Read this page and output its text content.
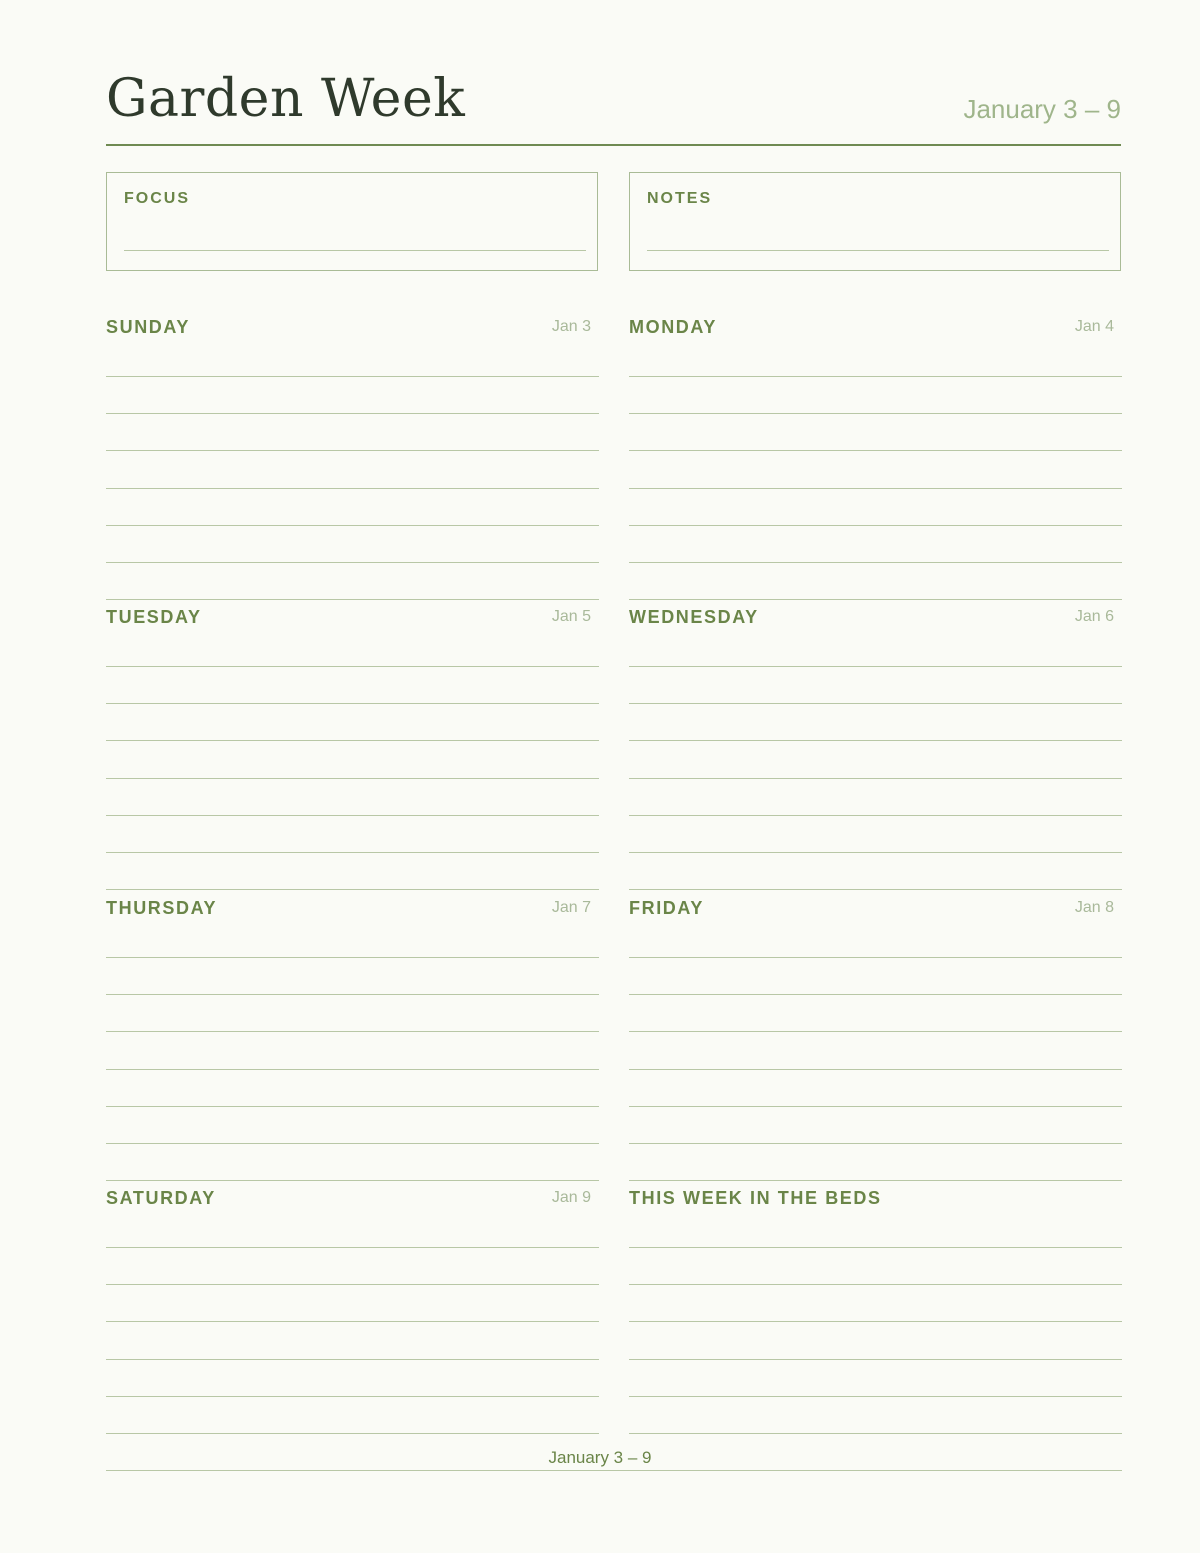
Garden Week	January 3 – 9
FOCUS	NOTES
SUNDAY	Jan 3 MONDAY	Jan 4
TUESDAY	Jan 5 WEDNESDAY	Jan 6
THURSDAY	Jan 7 FRIDAY	Jan 8
SATURDAY	Jan 9 THIS WEEK IN THE BEDS
January 3 – 9
